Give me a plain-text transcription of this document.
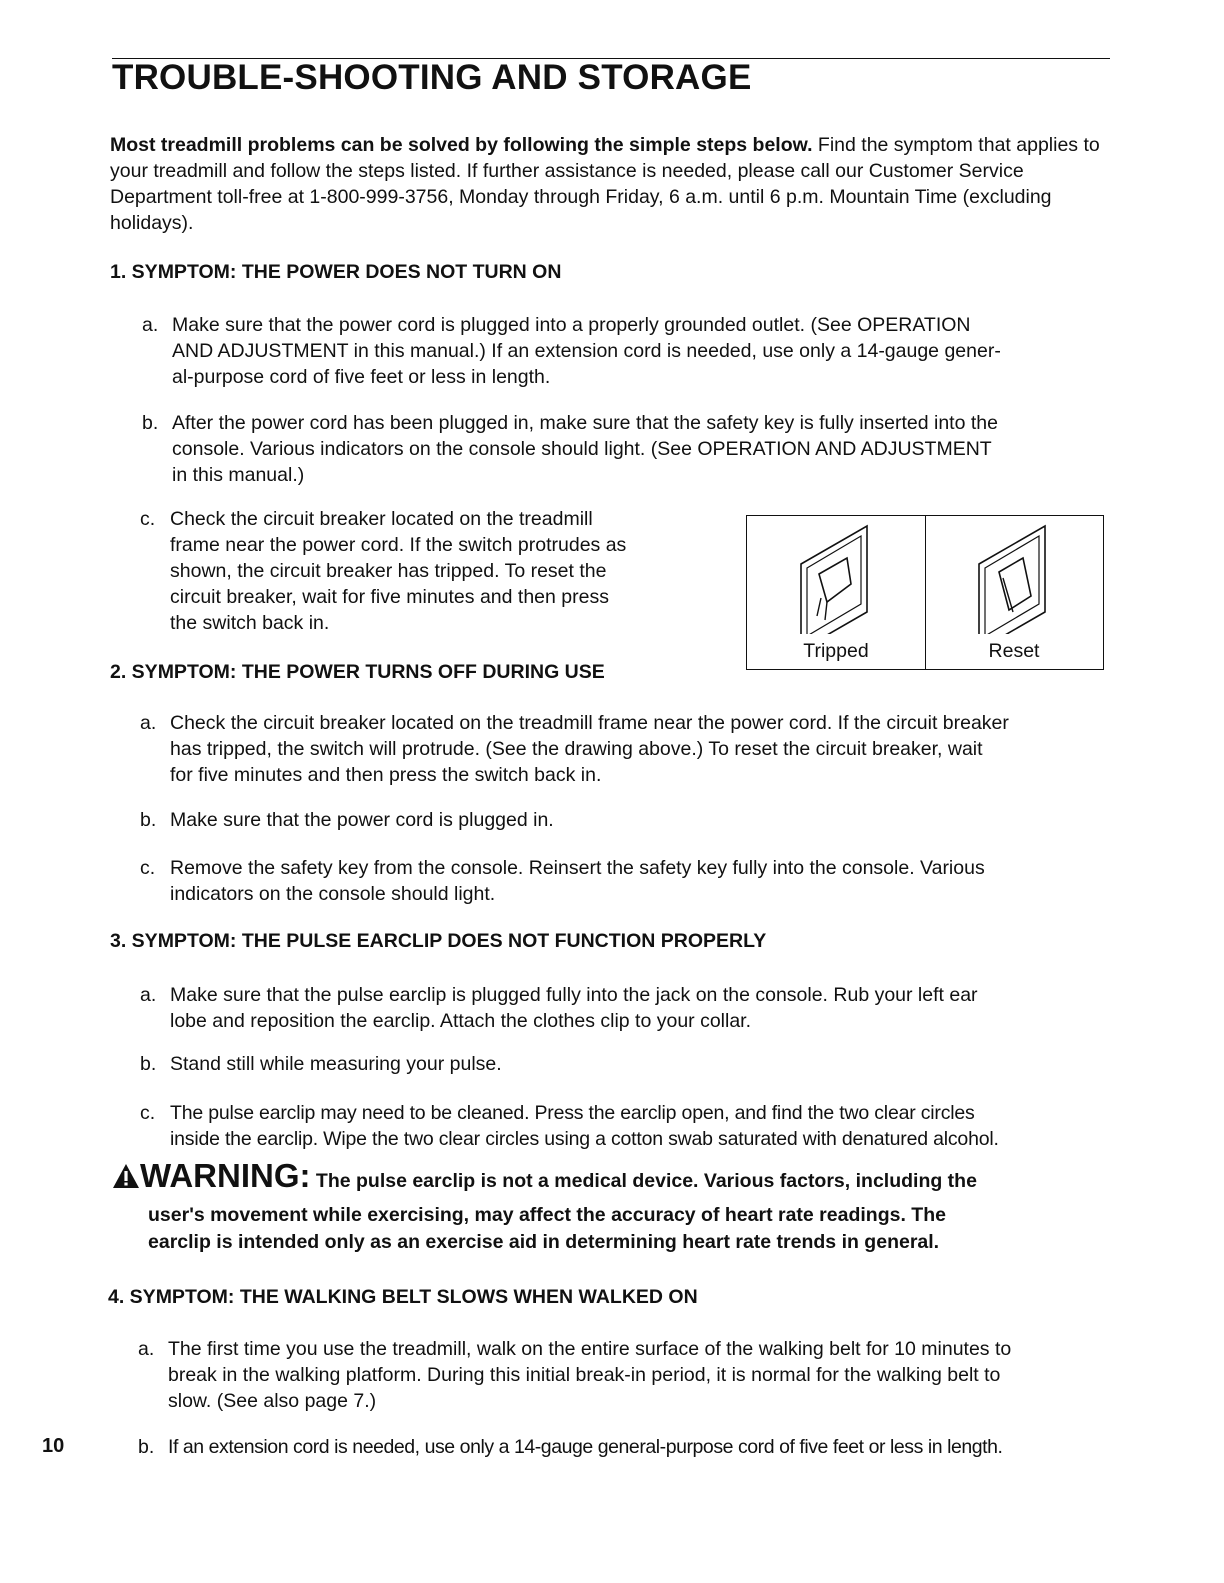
TROUBLE-SHOOTING AND STORAGE

Most treadmill problems can be solved by following the simple steps below. Find the symptom that applies to your treadmill and follow the steps listed. If further assistance is needed, please call our Customer Service Department toll-free at 1-800-999-3756, Monday through Friday, 6 a.m. until 6 p.m. Mountain Time (excluding holidays).

1. SYMPTOM: THE POWER DOES NOT TURN ON
a. Make sure that the power cord is plugged into a properly grounded outlet. (See OPERATION
AND ADJUSTMENT in this manual.) If an extension cord is needed, use only a 14-gauge gener-
al-purpose cord of five feet or less in length.
b. After the power cord has been plugged in, make sure that the safety key is fully inserted into the
console. Various indicators on the console should light. (See OPERATION AND ADJUSTMENT
in this manual.)
c. Check the circuit breaker located on the treadmill
frame near the power cord. If the switch protrudes as
shown, the circuit breaker has tripped. To reset the
circuit breaker, wait for five minutes and then press
the switch back in.
Tripped	Reset
2. SYMPTOM: THE POWER TURNS OFF DURING USE
a. Check the circuit breaker located on the treadmill frame near the power cord. If the circuit breaker
has tripped, the switch will protrude. (See the drawing above.) To reset the circuit breaker, wait
for five minutes and then press the switch back in.
b. Make sure that the power cord is plugged in.
c. Remove the safety key from the console. Reinsert the safety key fully into the console. Various
indicators on the console should light.
3. SYMPTOM: THE PULSE EARCLIP DOES NOT FUNCTION PROPERLY
a. Make sure that the pulse earclip is plugged fully into the jack on the console. Rub your left ear
lobe and reposition the earclip. Attach the clothes clip to your collar.
b. Stand still while measuring your pulse.
c. The pulse earclip may need to be cleaned. Press the earclip open, and find the two clear circles
inside the earclip. Wipe the two clear circles using a cotton swab saturated with denatured alcohol.
WARNING: The pulse earclip is not a medical device. Various factors, including the
user's movement while exercising, may affect the accuracy of heart rate readings. The
earclip is intended only as an exercise aid in determining heart rate trends in general.
4. SYMPTOM: THE WALKING BELT SLOWS WHEN WALKED ON
a. The first time you use the treadmill, walk on the entire surface of the walking belt for 10 minutes to
break in the walking platform. During this initial break-in period, it is normal for the walking belt to
slow. (See also page 7.)
10	b. If an extension cord is needed, use only a 14-gauge general-purpose cord of five feet or less in length.
